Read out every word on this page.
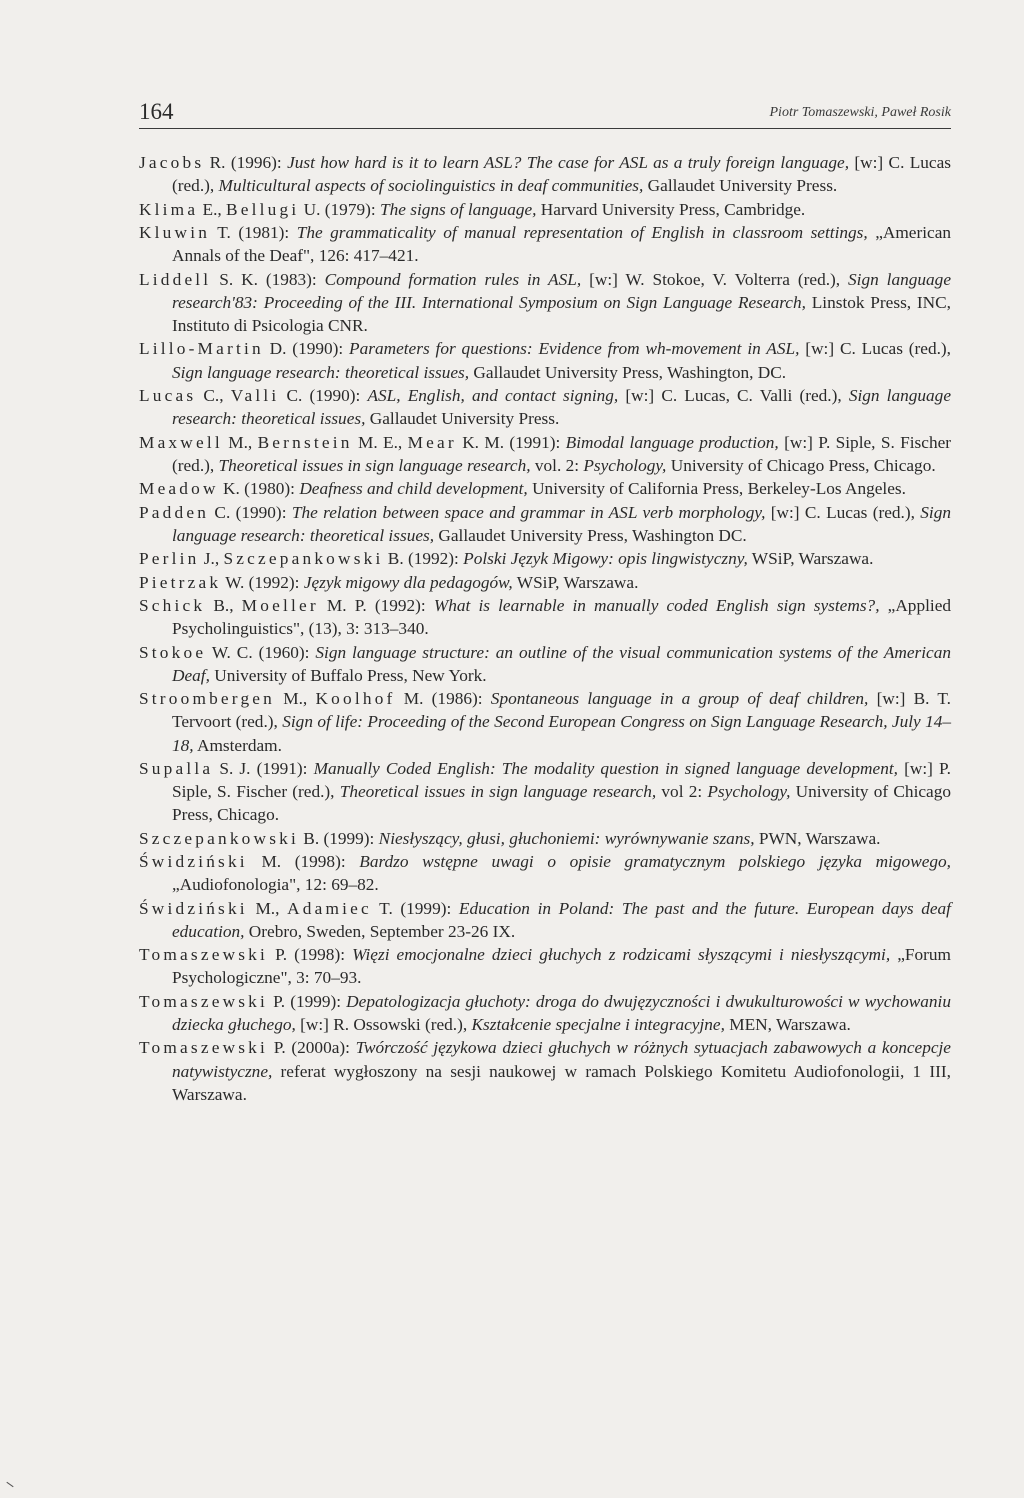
164	Piotr Tomaszewski, Paweł Rosik

Jacobs R. (1996): Just how hard is it to learn ASL? The case for ASL as a truly foreign language, [w:] C. Lucas (red.), Multicultural aspects of sociolinguistics in deaf communities, Gallaudet University Press.

Klima E., Bellugi U. (1979): The signs of language, Harvard University Press, Cambridge.

Kluwin T. (1981): The grammaticality of manual representation of English in classroom settings, „American Annals of the Deaf", 126: 417–421.

Liddell S. K. (1983): Compound formation rules in ASL, [w:] W. Stokoe, V. Volterra (red.), Sign language research'83: Proceeding of the III. International Symposium on Sign Language Research, Linstok Press, INC, Instituto di Psicologia CNR.

Lillo-Martin D. (1990): Parameters for questions: Evidence from wh-movement in ASL, [w:] C. Lucas (red.), Sign language research: theoretical issues, Gallaudet University Press, Washington, DC.

Lucas C., Valli C. (1990): ASL, English, and contact signing, [w:] C. Lucas, C. Valli (red.), Sign language research: theoretical issues, Gallaudet University Press.

Maxwell M., Bernstein M. E., Mear K. M. (1991): Bimodal language production, [w:] P. Siple, S. Fischer (red.), Theoretical issues in sign language research, vol. 2: Psychology, University of Chicago Press, Chicago.

Meadow K. (1980): Deafness and child development, University of California Press, Berkeley-Los Angeles.

Padden C. (1990): The relation between space and grammar in ASL verb morphology, [w:] C. Lucas (red.), Sign language research: theoretical issues, Gallaudet University Press, Washington DC.

Perlin J., Szczepankowski B. (1992): Polski Język Migowy: opis lingwistyczny, WSiP, Warszawa.

Pietrzak W. (1992): Język migowy dla pedagogów, WSiP, Warszawa.

Schick B., Moeller M. P. (1992): What is learnable in manually coded English sign systems?, „Applied Psycholinguistics", (13), 3: 313–340.

Stokoe W. C. (1960): Sign language structure: an outline of the visual communication systems of the American Deaf, University of Buffalo Press, New York.

Stroombergen M., Koolhof M. (1986): Spontaneous language in a group of deaf children, [w:] B. T. Tervoort (red.), Sign of life: Proceeding of the Second European Congress on Sign Language Research, July 14–18, Amsterdam.

Supalla S. J. (1991): Manually Coded English: The modality question in signed language development, [w:] P. Siple, S. Fischer (red.), Theoretical issues in sign language research, vol 2: Psychology, University of Chicago Press, Chicago.

Szczepankowski B. (1999): Niesłyszący, głusi, głuchoniemi: wyrównywanie szans, PWN, Warszawa.

Świdziński M. (1998): Bardzo wstępne uwagi o opisie gramatycznym polskiego języka migowego, „Audiofonologia", 12: 69–82.

Świdziński M., Adamiec T. (1999): Education in Poland: The past and the future. European days deaf education, Orebro, Sweden, September 23-26 IX.

Tomaszewski P. (1998): Więzi emocjonalne dzieci głuchych z rodzicami słyszącymi i niesłyszącymi, „Forum Psychologiczne", 3: 70–93.

Tomaszewski P. (1999): Depatologizacja głuchoty: droga do dwujęzyczności i dwukulturowości w wychowaniu dziecka głuchego, [w:] R. Ossowski (red.), Kształcenie specjalne i integracyjne, MEN, Warszawa.

Tomaszewski P. (2000a): Twórczość językowa dzieci głuchych w różnych sytuacjach zabawowych a koncepcje natywistyczne, referat wygłoszony na sesji naukowej w ramach Polskiego Komitetu Audiofonologii, 1 III, Warszawa.
